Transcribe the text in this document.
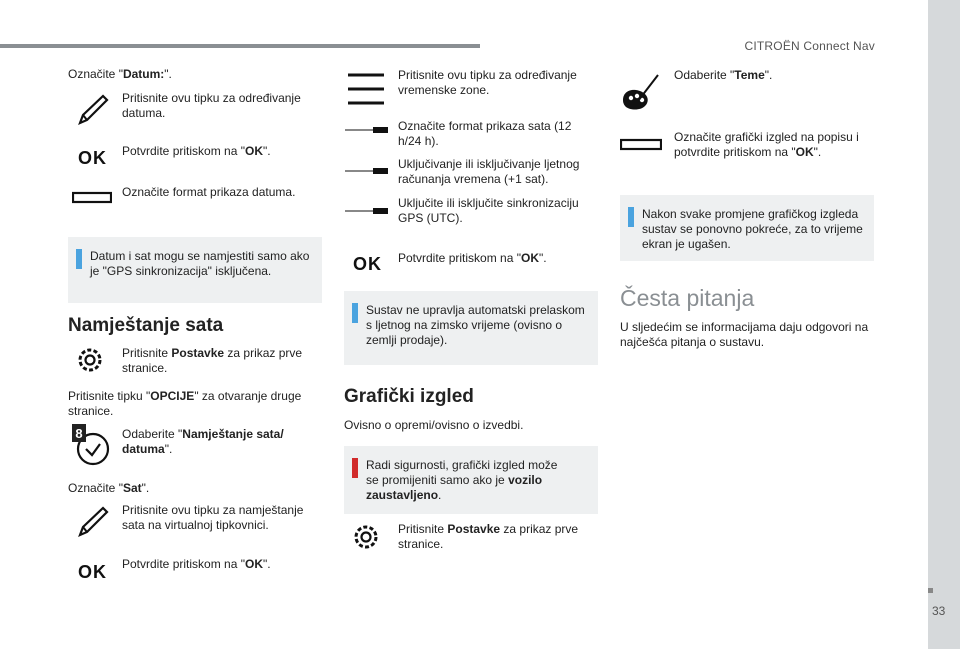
CITROËN Connect Nav
33
Označite "Datum:".
Pritisnite ovu tipku za određivanje datuma.
OK Potvrdite pritiskom na "OK".
Označite format prikaza datuma.
Datum i sat mogu se namjestiti samo ako je "GPS sinkronizacija" isključena.
Namještanje sata
Pritisnite Postavke za prikaz prve stranice.
Pritisnite tipku "OPCIJE" za otvaranje druge stranice.
8	Odaberite "Namještanje sata/ datuma".
Označite "Sat".
Pritisnite ovu tipku za namještanje sata na virtualnoj tipkovnici.
OK Potvrdite pritiskom na "OK".
Pritisnite ovu tipku za određivanje vremenske zone.
Označite format prikaza sata (12 h/24 h).
Uključivanje ili isključivanje ljetnog računanja vremena (+1 sat).
Uključite ili isključite sinkronizaciju GPS (UTC).
OK Potvrdite pritiskom na "OK".
Sustav ne upravlja automatski prelaskom s ljetnog na zimsko vrijeme (ovisno o zemlji prodaje).
Grafički izgled
Ovisno o opremi/ovisno o izvedbi.
Radi sigurnosti, grafički izgled može se promijeniti samo ako je vozilo zaustavljeno.
Pritisnite Postavke za prikaz prve stranice.
Odaberite "Teme".
Označite grafički izgled na popisu i potvrdite pritiskom na "OK".
Nakon svake promjene grafičkog izgleda sustav se ponovno pokreće, za to vrijeme ekran je ugašen.
Česta pitanja
U sljedećim se informacijama daju odgovori na najčešća pitanja o sustavu.
